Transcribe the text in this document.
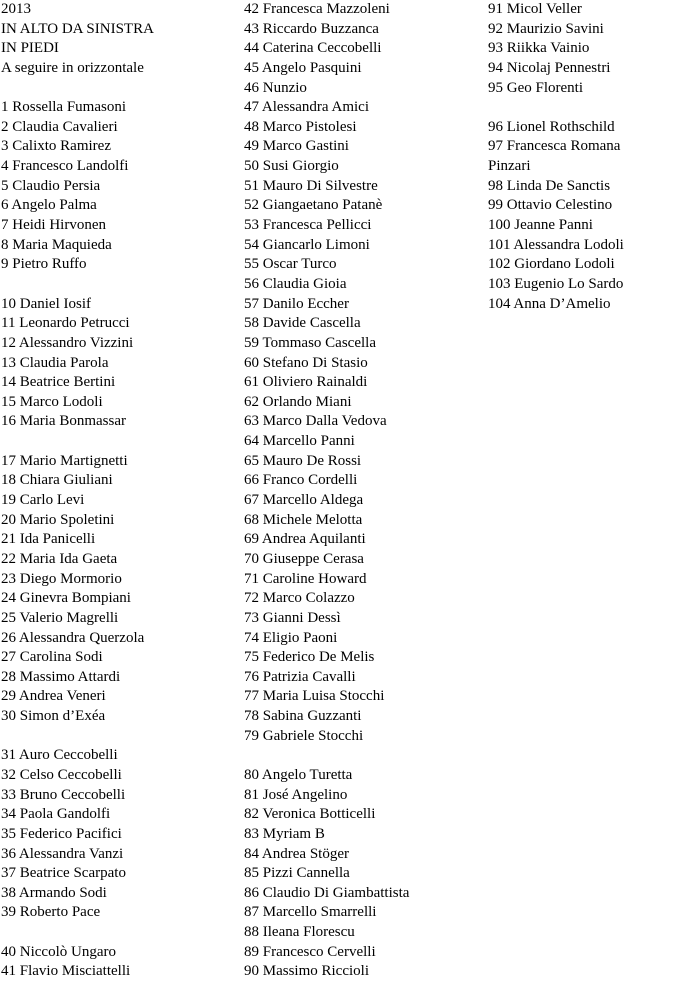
2013
IN ALTO DA SINISTRA
IN PIEDI
A seguire in orizzontale
1 Rossella Fumasoni
2 Claudia Cavalieri
3 Calixto Ramirez
4 Francesco Landolfi
5 Claudio Persia
6 Angelo Palma
7 Heidi Hirvonen
8 Maria Maquieda
9 Pietro Ruffo
10 Daniel Iosif
11 Leonardo Petrucci
12 Alessandro Vizzini
13 Claudia Parola
14 Beatrice Bertini
15 Marco Lodoli
16 Maria Bonmassar
17 Mario Martignetti
18 Chiara Giuliani
19 Carlo Levi
20 Mario Spoletini
21 Ida Panicelli
22 Maria Ida Gaeta
23 Diego Mormorio
24 Ginevra Bompiani
25 Valerio Magrelli
26 Alessandra Querzola
27 Carolina Sodi
28 Massimo Attardi
29 Andrea Veneri
30 Simon d’Exéa
31 Auro Ceccobelli
32 Celso Ceccobelli
33 Bruno Ceccobelli
34 Paola Gandolfi
35 Federico Pacifici
36 Alessandra Vanzi
37 Beatrice Scarpato
38 Armando Sodi
39 Roberto Pace
40 Niccolò Ungaro
41 Flavio Misciattelli
42 Francesca Mazzoleni
43 Riccardo Buzzanca
44 Caterina Ceccobelli
45 Angelo Pasquini
46 Nunzio
47 Alessandra Amici
48 Marco Pistolesi
49 Marco Gastini
50 Susi Giorgio
51 Mauro Di Silvestre
52 Giangaetano Patanè
53 Francesca Pellicci
54 Giancarlo Limoni
55 Oscar Turco
56 Claudia Gioia
57 Danilo Eccher
58 Davide Cascella
59 Tommaso Cascella
60 Stefano Di Stasio
61 Oliviero Rainaldi
62 Orlando Miani
63 Marco Dalla Vedova
64 Marcello Panni
65 Mauro De Rossi
66 Franco Cordelli
67 Marcello Aldega
68 Michele Melotta
69 Andrea Aquilanti
70 Giuseppe Cerasa
71 Caroline Howard
72 Marco Colazzo
73 Gianni Dessì
74 Eligio Paoni
75 Federico De Melis
76 Patrizia Cavalli
77 Maria Luisa Stocchi
78 Sabina Guzzanti
79 Gabriele Stocchi
80 Angelo Turetta
81 José Angelino
82 Veronica Botticelli
83 Myriam B
84 Andrea Stöger
85 Pizzi Cannella
86 Claudio Di Giambattista
87 Marcello Smarrelli
88 Ileana Florescu
89 Francesco Cervelli
90 Massimo Riccioli
91 Micol Veller
92 Maurizio Savini
93 Riikka Vainio
94 Nicolaj Pennestri
95 Geo Florenti
96 Lionel Rothschild
97 Francesca Romana
Pinzari
98 Linda De Sanctis
99 Ottavio Celestino
100 Jeanne Panni
101 Alessandra Lodoli
102 Giordano Lodoli
103 Eugenio Lo Sardo
104 Anna D’Amelio
